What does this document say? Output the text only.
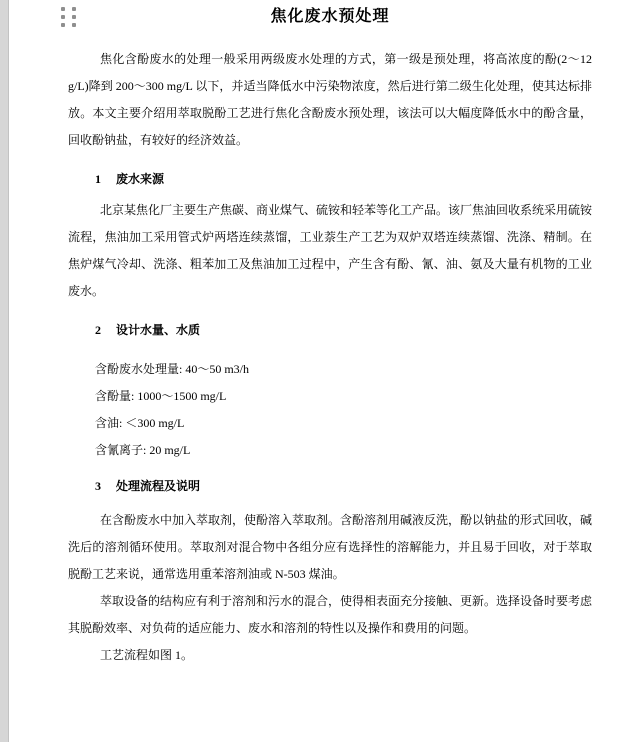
焦化废水预处理

焦化含酚废水的处理一般采用两级废水处理的方式，第一级是预处理，将高浓度的酚(2～12 g/L)降到 200～300 mg/L 以下，并适当降低水中污染物浓度，然后进行第二级生化处理，使其达标排放。本文主要介绍用萃取脱酚工艺进行焦化含酚废水预处理，该法可以大幅度降低水中的酚含量，回收酚钠盐，有较好的经济效益。

1 废水来源

北京某焦化厂主要生产焦碳、商业煤气、硫铵和轻苯等化工产品。该厂焦油回收系统采用硫铵流程，焦油加工采用管式炉两塔连续蒸馏，工业萘生产工艺为双炉双塔连续蒸馏、洗涤、精制。在焦炉煤气冷却、洗涤、粗苯加工及焦油加工过程中，产生含有酚、氰、油、氨及大量有机物的工业废水。

2 设计水量、水质

含酚废水处理量: 40～50 m3/h

含酚量: 1000～1500 mg/L

含油: ＜300 mg/L

含氰离子: 20 mg/L

3 处理流程及说明

在含酚废水中加入萃取剂，使酚溶入萃取剂。含酚溶剂用碱液反洗，酚以钠盐的形式回收，碱洗后的溶剂循环使用。萃取剂对混合物中各组分应有选择性的溶解能力，并且易于回收，对于萃取脱酚工艺来说，通常选用重苯溶剂油或 N-503 煤油。

萃取设备的结构应有利于溶剂和污水的混合，使得相表面充分接触、更新。选择设备时要考虑其脱酚效率、对负荷的适应能力、废水和溶剂的特性以及操作和费用的问题。

工艺流程如图 1。
